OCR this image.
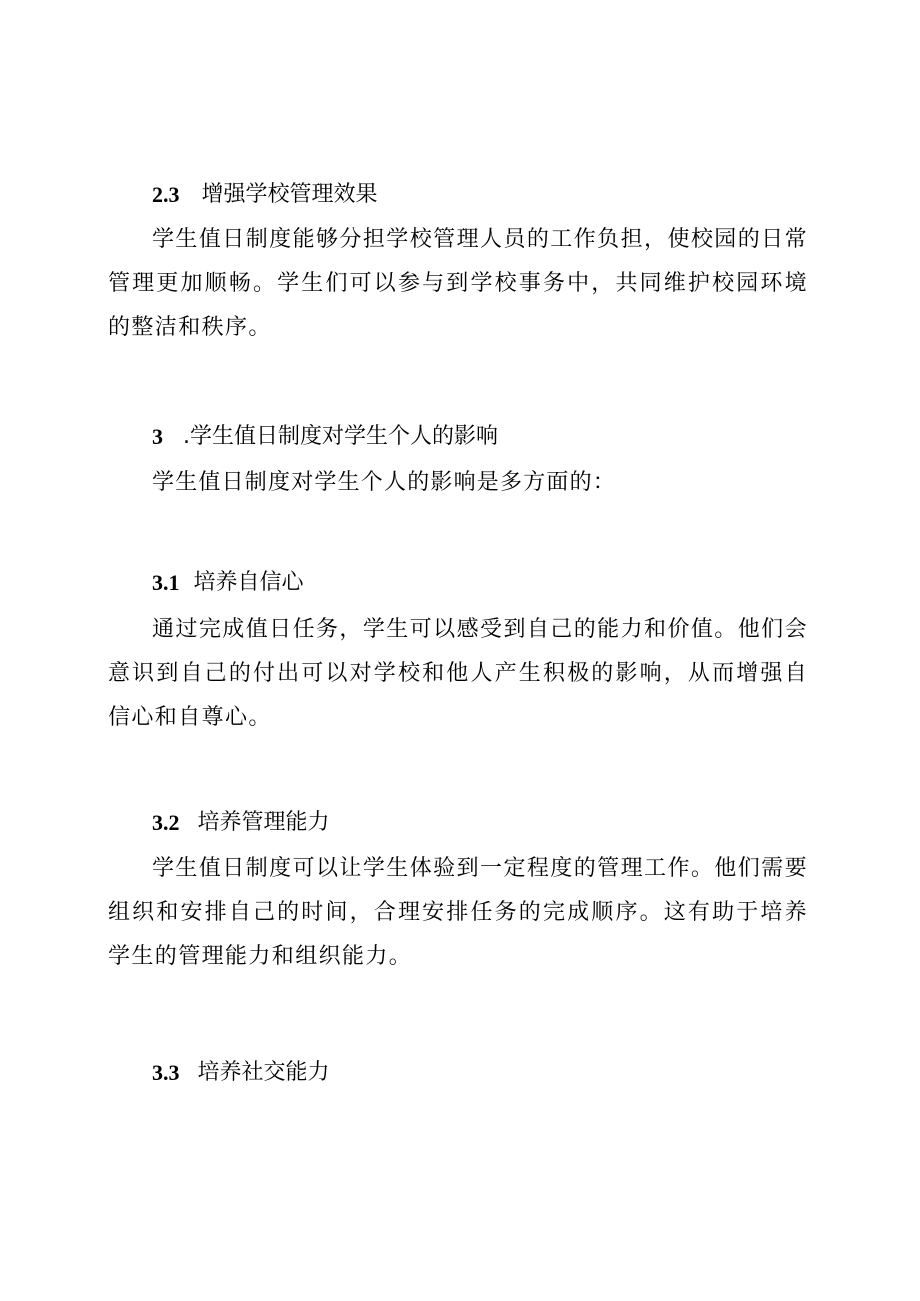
2.3 增强学校管理效果

学生值日制度能够分担学校管理人员的工作负担，使校园的日常管理更加顺畅。学生们可以参与到学校事务中，共同维护校园环境的整洁和秩序。

3 .学生值日制度对学生个人的影响

学生值日制度对学生个人的影响是多方面的：

3.1 培养自信心

通过完成值日任务，学生可以感受到自己的能力和价值。他们会意识到自己的付出可以对学校和他人产生积极的影响，从而增强自信心和自尊心。

3.2 培养管理能力

学生值日制度可以让学生体验到一定程度的管理工作。他们需要组织和安排自己的时间，合理安排任务的完成顺序。这有助于培养学生的管理能力和组织能力。

3.3 培养社交能力
